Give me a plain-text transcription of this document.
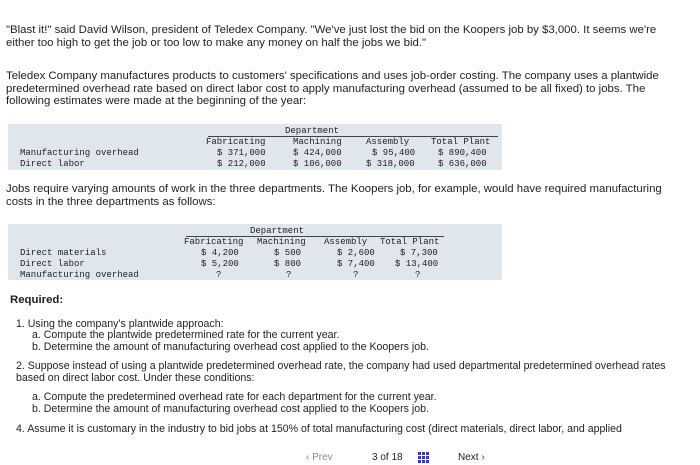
"Blast it!" said David Wilson, president of Teledex Company. "We've just lost the bid on the Koopers job by $3,000. It seems we're either too high to get the job or too low to make any money on half the jobs we bid."
Teledex Company manufactures products to customers' specifications and uses job-order costing. The company uses a plantwide predetermined overhead rate based on direct labor cost to apply manufacturing overhead (assumed to be all fixed) to jobs. The following estimates were made at the beginning of the year:
Department
Fabricating	Machining	Assembly Total Plant
Manufacturing overhead	$ 371,000	$ 424,000	$ 95,400	$ 890,400
Direct labor	$ 212,000	$ 106,000	$ 318,000	$ 636,000
Jobs require varying amounts of work in the three departments. The Koopers job, for example, would have required manufacturing costs in the three departments as follows:
Department
Fabricating Machining Assembly Total Plant
Direct materials	$ 4,200	$ 500	$ 2,600	$ 7,300
Direct labor	$ 5,200	$ 800	$ 7,400 $ 13,400
Manufacturing overhead	?	?	?	?
Required:
1. Using the company's plantwide approach:
a. Compute the plantwide predetermined rate for the current year.
b. Determine the amount of manufacturing overhead cost applied to the Koopers job.
2. Suppose instead of using a plantwide predetermined overhead rate, the company had used departmental predetermined overhead rates based on direct labor cost. Under these conditions:
a. Compute the predetermined overhead rate for each department for the current year.
b. Determine the amount of manufacturing overhead cost applied to the Koopers job.
4. Assume it is customary in the industry to bid jobs at 150% of total manufacturing cost (direct materials, direct labor, and applied
‹ Prev	3 of 18	Next ›
